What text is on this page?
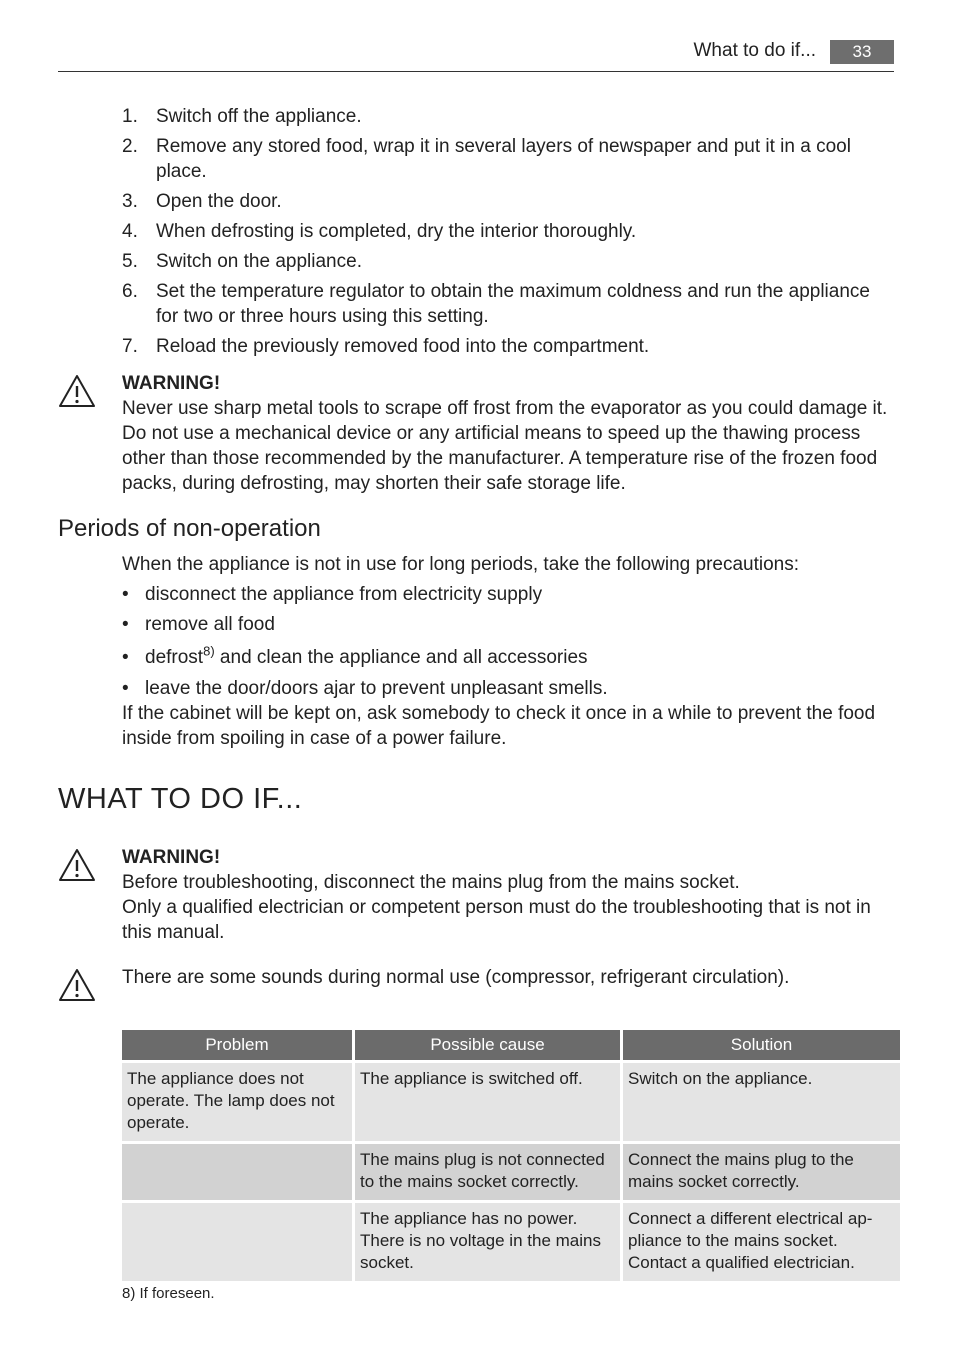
What to do if...	33
1. Switch off the appliance.
2. Remove any stored food, wrap it in several layers of newspaper and put it in a cool place.
3. Open the door.
4. When defrosting is completed, dry the interior thoroughly.
5. Switch on the appliance.
6. Set the temperature regulator to obtain the maximum coldness and run the appliance for two or three hours using this setting.
7. Reload the previously removed food into the compartment.
WARNING!
Never use sharp metal tools to scrape off frost from the evaporator as you could damage it. Do not use a mechanical device or any artificial means to speed up the thawing process other than those recommended by the manufacturer. A temperature rise of the frozen food packs, during defrosting, may shorten their safe storage life.
Periods of non-operation
When the appliance is not in use for long periods, take the following precautions:
• disconnect the appliance from electricity supply
• remove all food
• defrost$^{8)}$ and clean the appliance and all accessories
• leave the door/doors ajar to prevent unpleasant smells.
If the cabinet will be kept on, ask somebody to check it once in a while to prevent the food inside from spoiling in case of a power failure.
WHAT TO DO IF...
WARNING!
Before troubleshooting, disconnect the mains plug from the mains socket.
Only a qualified electrician or competent person must do the troubleshooting that is not in this manual.
There are some sounds during normal use (compressor, refrigerant circulation).
Problem	Possible cause	Solution
The appliance does not operate. The lamp does not operate.	The appliance is switched off.	Switch on the appliance.
	The mains plug is not connected to the mains socket correctly.	Connect the mains plug to the mains socket correctly.
	The appliance has no power. There is no voltage in the mains socket.	Connect a different electrical ap-pliance to the mains socket. Contact a qualified electrician.
8) If foreseen.
